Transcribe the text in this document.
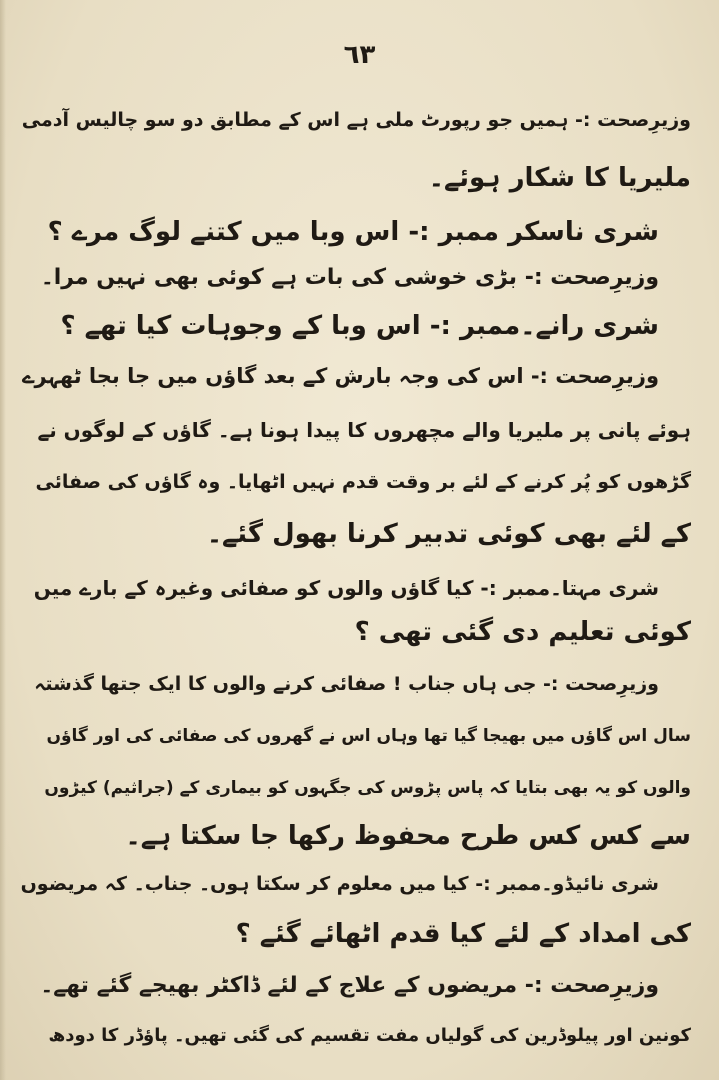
٦٣
وزیرِصحت :- ہمیں جو رپورٹ ملی ہے اس کے مطابق دو سو چالیس آدمی
ملیریا کا شکار ہوئے۔
شری ناسکر ممبر :- اس وبا میں کتنے لوگ مرے ؟
وزیرِصحت :- بڑی خوشی کی بات ہے کوئی بھی نہیں مرا۔
شری رانے۔ممبر :- اس وبا کے وجوہات کیا تھے ؟
وزیرِصحت :- اس کی وجہ بارش کے بعد گاؤں میں جا بجا ٹھہرے
ہوئے پانی پر ملیریا والے مچھروں کا پیدا ہونا ہے۔ گاؤں کے لوگوں نے
گڑھوں کو پُر کرنے کے لئے بر وقت قدم نہیں اٹھایا۔ وہ گاؤں کی صفائی
کے لئے بھی کوئی تدبیر کرنا بھول گئے۔
شری مہتا۔ممبر :- کیا گاؤں والوں کو صفائی وغیرہ کے بارے میں
کوئی تعلیم دی گئی تھی ؟
وزیرِصحت :- جی ہاں جناب ! صفائی کرنے والوں کا ایک جتھا گذشتہ
سال اس گاؤں میں بھیجا گیا تھا وہاں اس نے گھروں کی صفائی کی اور گاؤں
والوں کو یہ بھی بتایا کہ پاس پڑوس کی جگہوں کو بیماری کے (جراثیم) کیڑوں
سے کس کس طرح محفوظ رکھا جا سکتا ہے۔
شری نائیڈو۔ممبر :- کیا میں معلوم کر سکتا ہوں۔ جناب۔ کہ مریضوں
کی امداد کے لئے کیا قدم اٹھائے گئے ؟
وزیرِصحت :- مریضوں کے علاج کے لئے ڈاکٹر بھیجے گئے تھے۔
کونین اور پیلوڈرین کی گولیاں مفت تقسیم کی گئی تھیں۔ پاؤڈر کا دودھ
